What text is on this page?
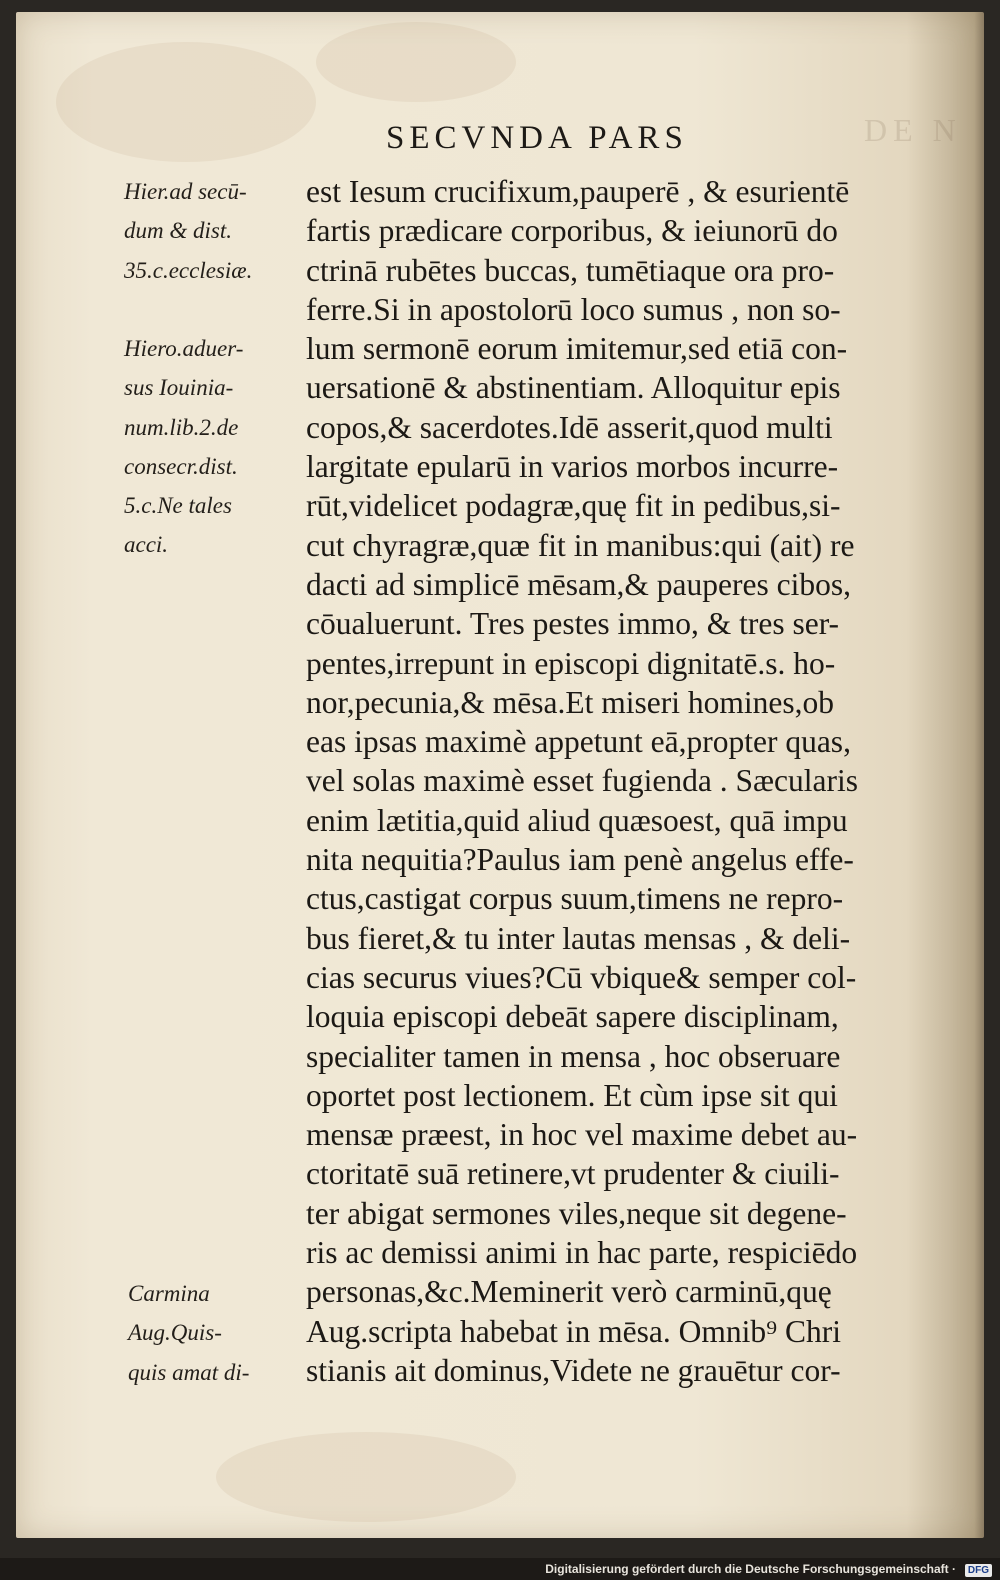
DE N
SECVNDA PARS
Hier.ad secū-
dum & dist.
35.c.ecclesiæ.
Hiero.aduer-
sus Iouinia-
num.lib.2.de
consecr.dist.
5.c.Ne tales
acci.
Carmina
Aug.Quis-
quis amat di-
est Iesum crucifixum,pauperē , & esurientē
fartis prædicare corporibus, & ieiunorū do
ctrinā rubētes buccas, tumētiaque ora pro-
ferre.Si in apostolorū loco sumus , non so-
lum sermonē eorum imitemur,sed etiā con-
uersationē & abstinentiam. Alloquitur epis
copos,& sacerdotes.Idē asserit,quod multi
largitate epularū in varios morbos incurre-
rūt,videlicet podagræ,quę fit in pedibus,si-
cut chyragræ,quæ fit in manibus:qui (ait) re
dacti ad simplicē mēsam,& pauperes cibos,
cōualuerunt. Tres pestes immo, & tres ser-
pentes,irrepunt in episcopi dignitatē.s. ho-
nor,pecunia,& mēsa.Et miseri homines,ob
eas ipsas maximè appetunt eā,propter quas,
vel solas maximè esset fugienda . Sæcularis
enim lætitia,quid aliud quæsoest, quā impu
nita nequitia?Paulus iam penè angelus effe-
ctus,castigat corpus suum,timens ne repro-
bus fieret,& tu inter lautas mensas , & deli-
cias securus viues?Cū vbique& semper col-
loquia episcopi debeāt sapere disciplinam,
specialiter tamen in mensa , hoc obseruare
oportet post lectionem. Et cùm ipse sit qui
mensæ præest, in hoc vel maxime debet au-
ctoritatē suā retinere,vt prudenter & ciuili-
ter abigat sermones viles,neque sit degene-
ris ac demissi animi in hac parte, respiciēdo
personas,&c.Meminerit verò carminū,quę
Aug.scripta habebat in mēsa. Omnib⁹ Chri
stianis ait dominus,Videte ne grauētur cor-
Digitalisierung gefördert durch die Deutsche Forschungsgemeinschaft ·	DFG
